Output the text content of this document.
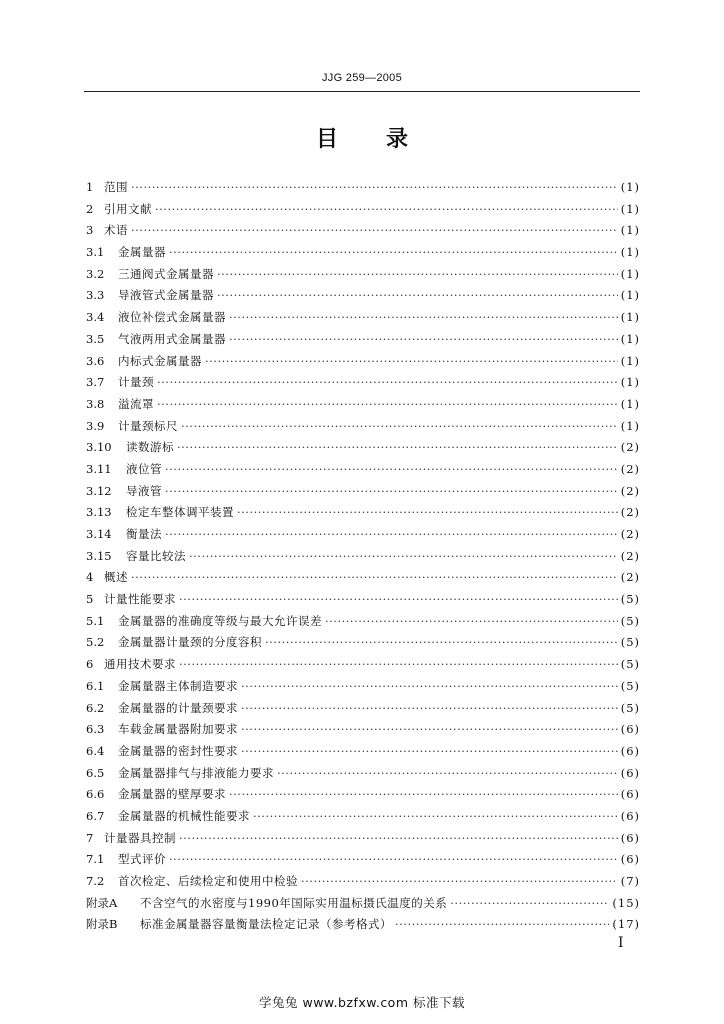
JJG 259—2005
目 录
1 范围 ·····	(1)
2 引用文献 ·····	(1)
3 术语 ·····	(1)
3.1	金属量器 ·····	(1)
3.2	三通阀式金属量器 ·····	(1)
3.3	导液管式金属量器 ·····	(1)
3.4	液位补偿式金属量器 ·····	(1)
3.5	气液两用式金属量器 ·····	(1)
3.6	内标式金属量器 ·····	(1)
3.7	计量颈 ·····	(1)
3.8	溢流罩 ·····	(1)
3.9	计量颈标尺 ·····	(1)
3.10	读数游标 ·····	(2)
3.11	液位管 ·····	(2)
3.12	导液管 ·····	(2)
3.13	检定车整体调平装置 ·····	(2)
3.14	衡量法 ·····	(2)
3.15	容量比较法 ·····	(2)
4 概述 ·····	(2)
5 计量性能要求 ·····	(5)
5.1	金属量器的准确度等级与最大允许误差 ·····	(5)
5.2	金属量器计量颈的分度容积 ·····	(5)
6 通用技术要求 ·····	(5)
6.1	金属量器主体制造要求 ·····	(5)
6.2	金属量器的计量颈要求 ·····	(5)
6.3	车载金属量器附加要求 ·····	(6)
6.4	金属量器的密封性要求 ·····	(6)
6.5	金属量器排气与排液能力要求 ·····	(6)
6.6	金属量器的壁厚要求 ·····	(6)
6.7	金属量器的机械性能要求 ·····	(6)
7 计量器具控制 ·····	(6)
7.1	型式评价 ·····	(6)
7.2	首次检定、后续检定和使用中检验 ·····	(7)
附录A	不含空气的水密度与1990年国际实用温标摄氏温度的关系 ·····	(15)
附录B	标准金属量器容量衡量法检定记录（参考格式） ·····	(17)
I
学兔兔 www.bzfxw.com 标准下载
